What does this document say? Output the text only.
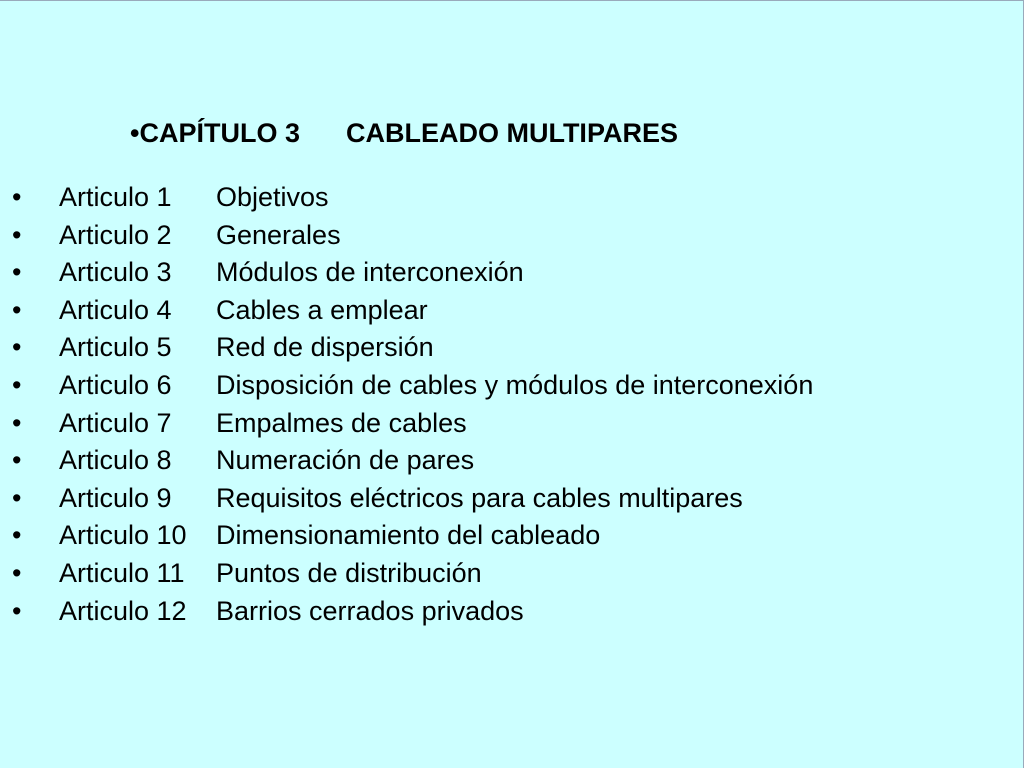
•CAPÍTULO 3 CABLEADO MULTIPARES
•	Articulo 1	Objetivos
•	Articulo 2	Generales
•	Articulo 3	Módulos de interconexión
•	Articulo 4	Cables a emplear
•	Articulo 5	Red de dispersión
•	Articulo 6	Disposición de cables y módulos de interconexión
•	Articulo 7	Empalmes de cables
•	Articulo 8	Numeración de pares
•	Articulo 9	Requisitos eléctricos para cables multipares
•	Articulo 10	Dimensionamiento del cableado
•	Articulo 11	Puntos de distribución
•	Articulo 12	Barrios cerrados privados
